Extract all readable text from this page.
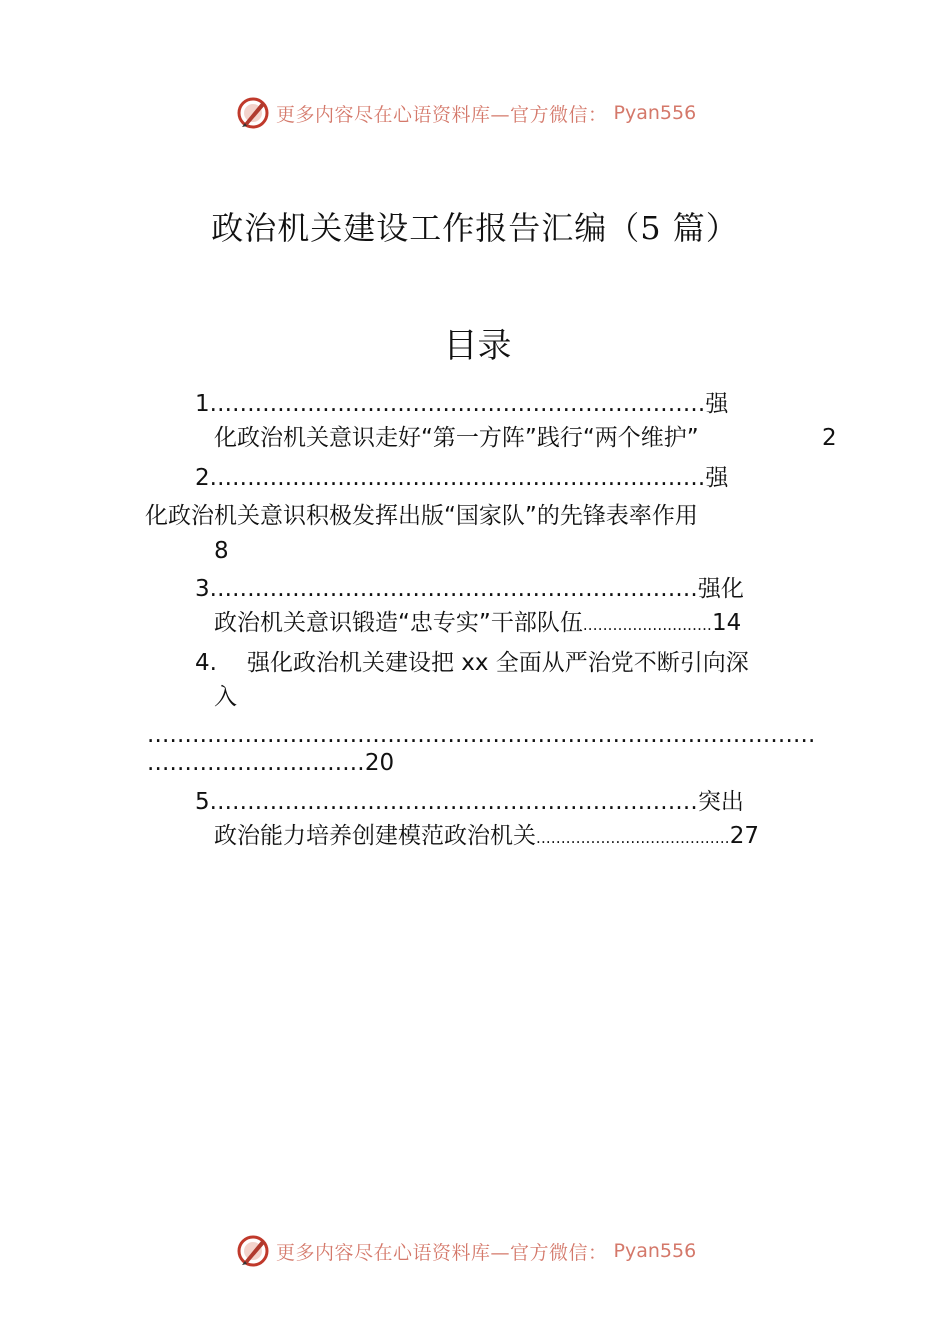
更多内容尽在心语资料库—官方微信： Pyan556
政治机关建设工作报告汇编（5 篇）
目录
1..................................................................强
化政治机关意识走好“第一方阵”践行“两个维护”	2
2..................................................................强
化政治机关意识积极发挥出版“国家队”的先锋表率作用
8
3.................................................................强化
政治机关意识锻造“忠专实”干部队伍..........................14
4. 强化政治机关建设把 xx 全面从严治党不断引向深
入
.........................................................................................
.............................20
5.................................................................突出
政治能力培养创建模范政治机关.......................................27
更多内容尽在心语资料库—官方微信： Pyan556
